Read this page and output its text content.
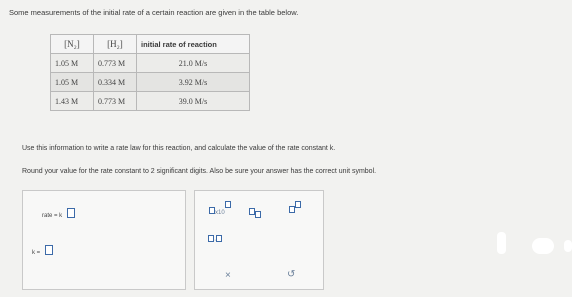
Some measurements of the initial rate of a certain reaction are given in the table below.
[N₂]	[H₂]	initial rate of reaction
1.05 M	0.773 M	21.0 M/s
1.05 M	0.334 M	3.92 M/s
1.43 M	0.773 M	39.0 M/s
Use this information to write a rate law for this reaction, and calculate the value of the rate constant k.
Round your value for the rate constant to 2 significant digits. Also be sure your answer has the correct unit symbol.
rate = k
k =
x10
·
×	↺
